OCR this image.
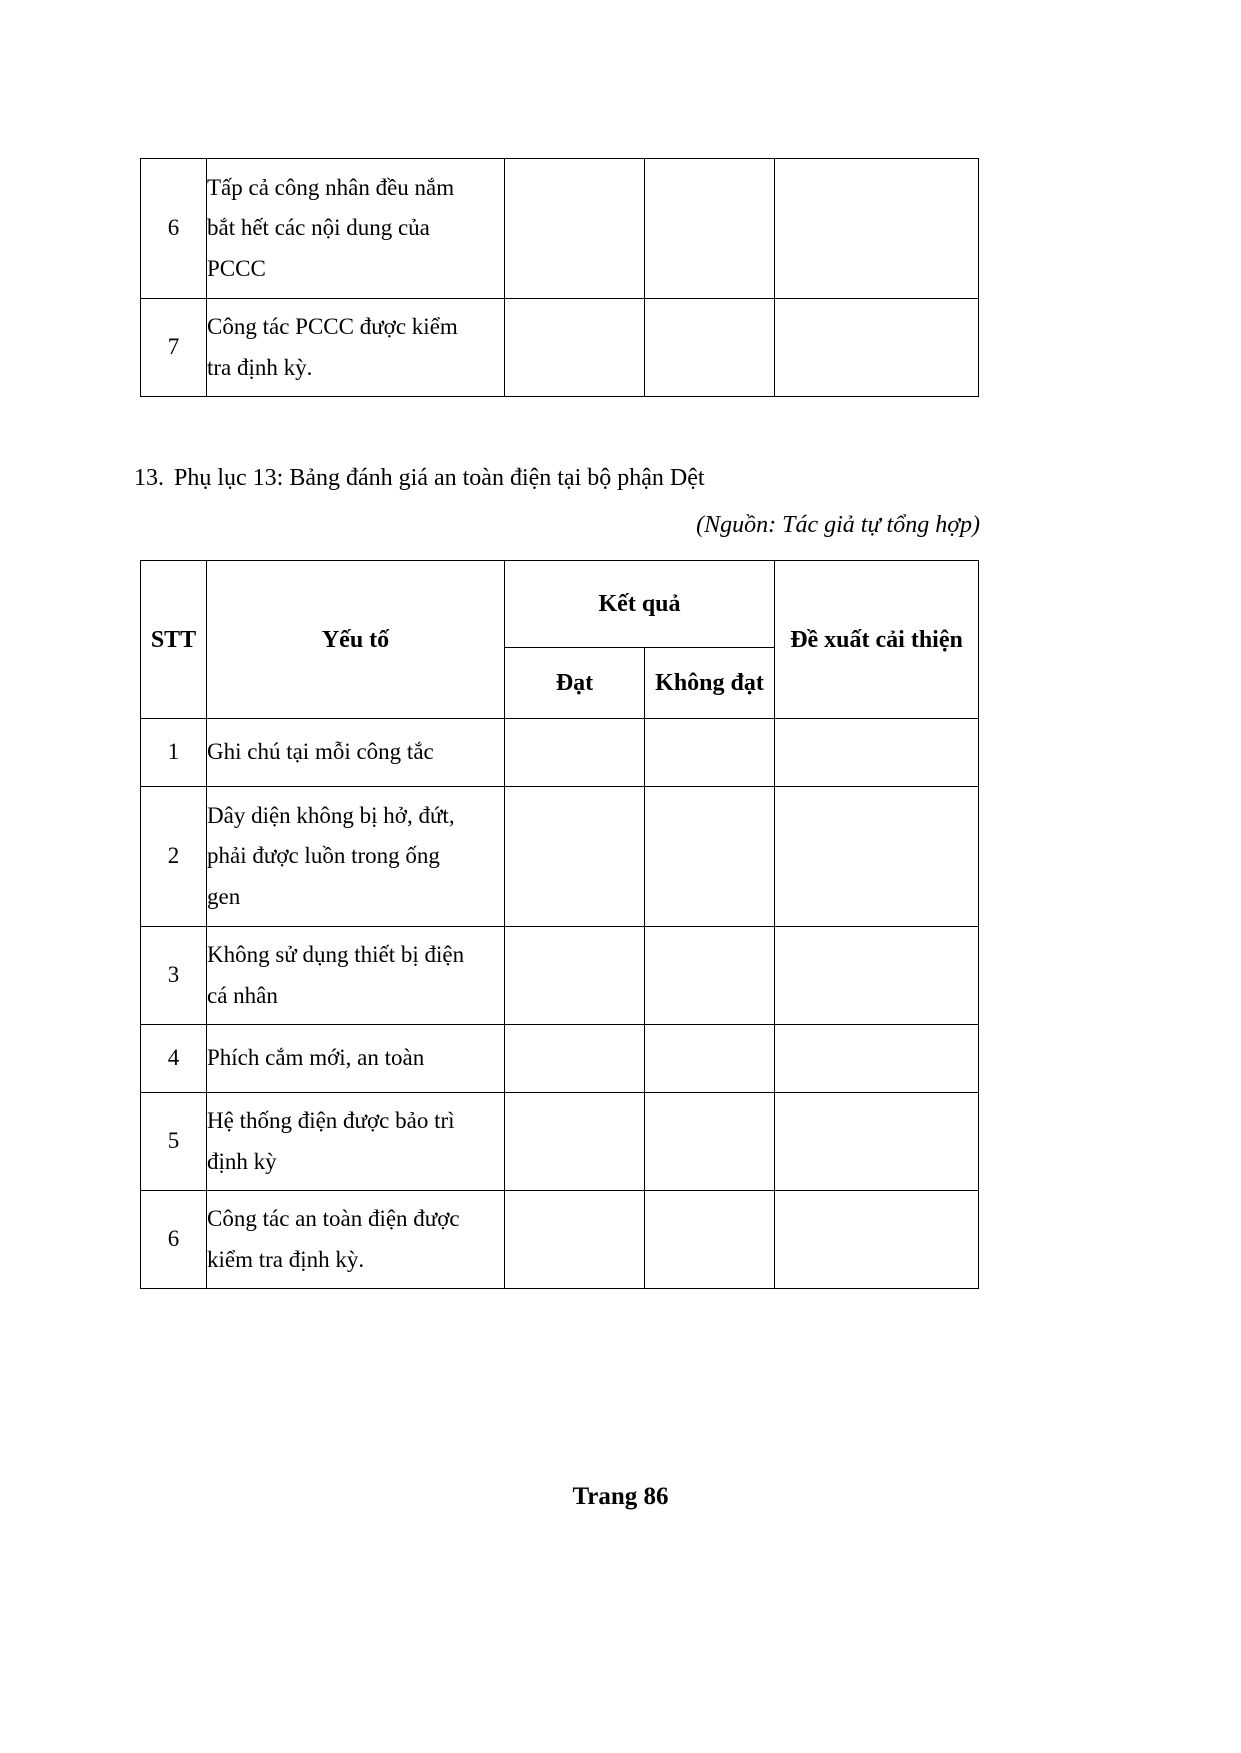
6	Tấp cả công nhân đều nắm
bắt hết các nội dung của
PCCC			

7	Công tác PCCC được kiểm
tra định kỳ.			

13. Phụ lục 13: Bảng đánh giá an toàn điện tại bộ phận Dệt
(Nguồn: Tác giả tự tổng hợp)
STT	Yếu tố	Kết quả		Đề xuất cải thiện
		Đạt	Không đạt	
1	Ghi chú tại mỗi công tắc			

2	Dây diện không bị hở, đứt,
phải được luồn trong ống
gen			

3	Không sử dụng thiết bị điện
cá nhân			

4	Phích cắm mới, an toàn			

5	Hệ thống điện được bảo trì
định kỳ			

6	Công tác an toàn điện được
kiểm tra định kỳ.			

Trang 86
